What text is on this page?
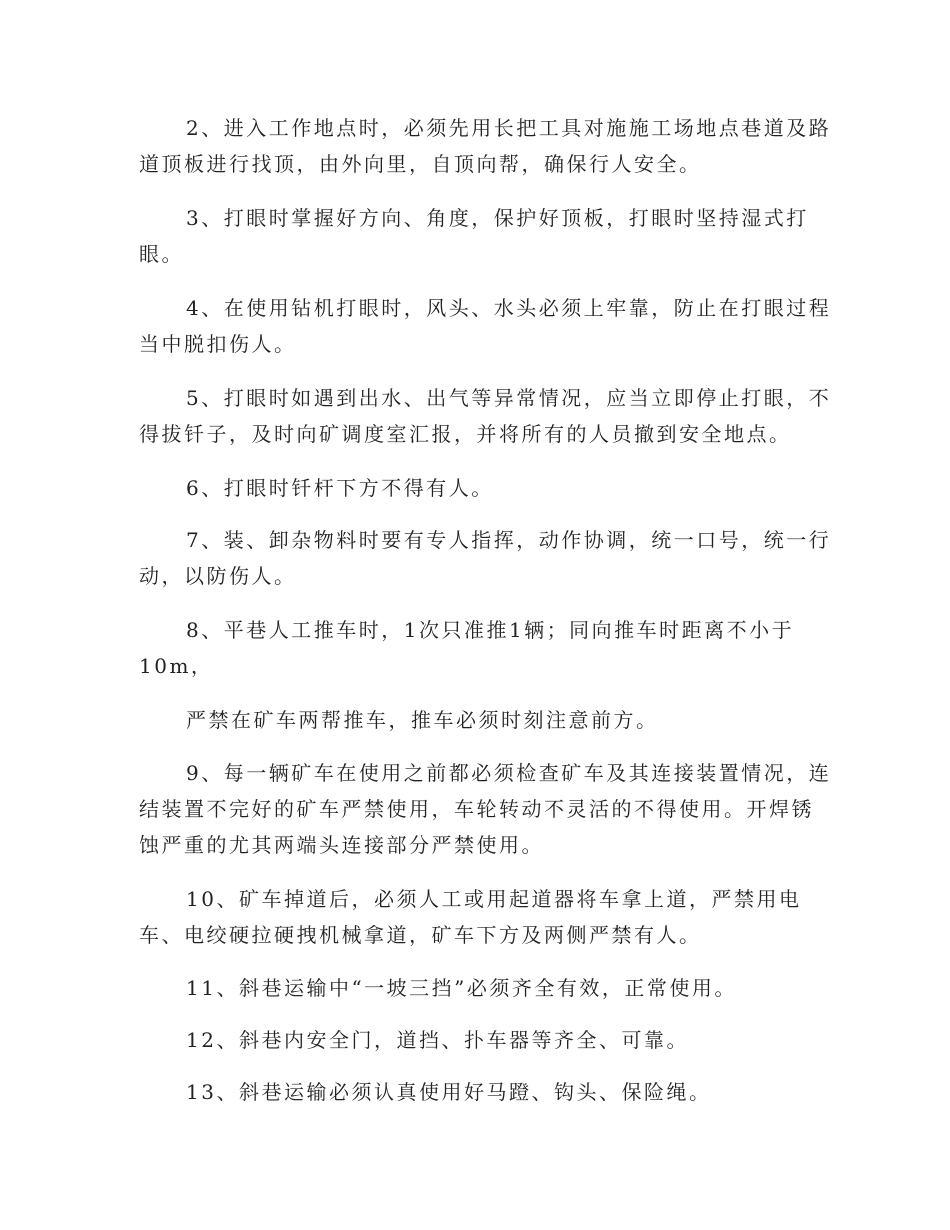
2、进入工作地点时，必须先用长把工具对施施工场地点巷道及路

道顶板进行找顶，由外向里，自顶向帮，确保行人安全。

3、打眼时掌握好方向、角度，保护好顶板，打眼时坚持湿式打

眼。

4、在使用钻机打眼时，风头、水头必须上牢靠，防止在打眼过程

当中脱扣伤人。

5、打眼时如遇到出水、出气等异常情况，应当立即停止打眼，不

得拔钎子，及时向矿调度室汇报，并将所有的人员撤到安全地点。

6、打眼时钎杆下方不得有人。

7、装、卸杂物料时要有专人指挥，动作协调，统一口号，统一行

动，以防伤人。

8、平巷人工推车时，1次只准推1辆；同向推车时距离不小于

10m，

严禁在矿车两帮推车，推车必须时刻注意前方。

9、每一辆矿车在使用之前都必须检查矿车及其连接装置情况，连

结装置不完好的矿车严禁使用，车轮转动不灵活的不得使用。开焊锈

蚀严重的尤其两端头连接部分严禁使用。

10、矿车掉道后，必须人工或用起道器将车拿上道，严禁用电

车、电绞硬拉硬拽机械拿道，矿车下方及两侧严禁有人。

11、斜巷运输中“一坡三挡”必须齐全有效，正常使用。

12、斜巷内安全门，道挡、扑车器等齐全、可靠。

13、斜巷运输必须认真使用好马蹬、钩头、保险绳。
